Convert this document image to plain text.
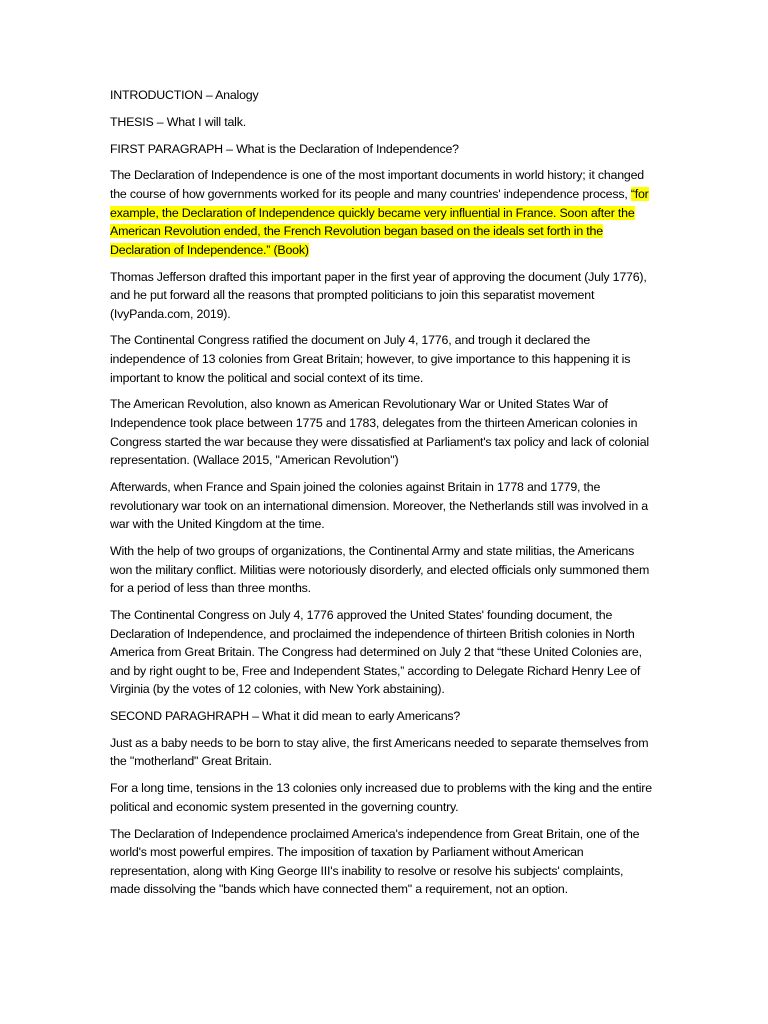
INTRODUCTION – Analogy

THESIS – What I will talk.

FIRST PARAGRAPH – What is the Declaration of Independence?

The Declaration of Independence is one of the most important documents in world history; it changed the course of how governments worked for its people and many countries' independence process, “for example, the Declaration of Independence quickly became very influential in France. Soon after the American Revolution ended, the French Revolution began based on the ideals set forth in the Declaration of Independence.” (Book)

Thomas Jefferson drafted this important paper in the first year of approving the document (July 1776), and he put forward all the reasons that prompted politicians to join this separatist movement (IvyPanda.com, 2019).

The Continental Congress ratified the document on July 4, 1776, and trough it declared the independence of 13 colonies from Great Britain; however, to give importance to this happening it is important to know the political and social context of its time.

The American Revolution, also known as American Revolutionary War or United States War of Independence took place between 1775 and 1783, delegates from the thirteen American colonies in Congress started the war because they were dissatisfied at Parliament's tax policy and lack of colonial representation. (Wallace 2015, "American Revolution")

Afterwards, when France and Spain joined the colonies against Britain in 1778 and 1779, the revolutionary war took on an international dimension. Moreover, the Netherlands still was involved in a war with the United Kingdom at the time.

With the help of two groups of organizations, the Continental Army and state militias, the Americans won the military conflict. Militias were notoriously disorderly, and elected officials only summoned them for a period of less than three months.

The Continental Congress on July 4, 1776 approved the United States' founding document, the Declaration of Independence, and proclaimed the independence of thirteen British colonies in North America from Great Britain. The Congress had determined on July 2 that “these United Colonies are, and by right ought to be, Free and Independent States,” according to Delegate Richard Henry Lee of Virginia (by the votes of 12 colonies, with New York abstaining).

SECOND PARAGHRAPH – What it did mean to early Americans?

Just as a baby needs to be born to stay alive, the first Americans needed to separate themselves from the "motherland" Great Britain.

For a long time, tensions in the 13 colonies only increased due to problems with the king and the entire political and economic system presented in the governing country.

The Declaration of Independence proclaimed America's independence from Great Britain, one of the world's most powerful empires. The imposition of taxation by Parliament without American representation, along with King George III's inability to resolve or resolve his subjects' complaints, made dissolving the "bands which have connected them" a requirement, not an option.
